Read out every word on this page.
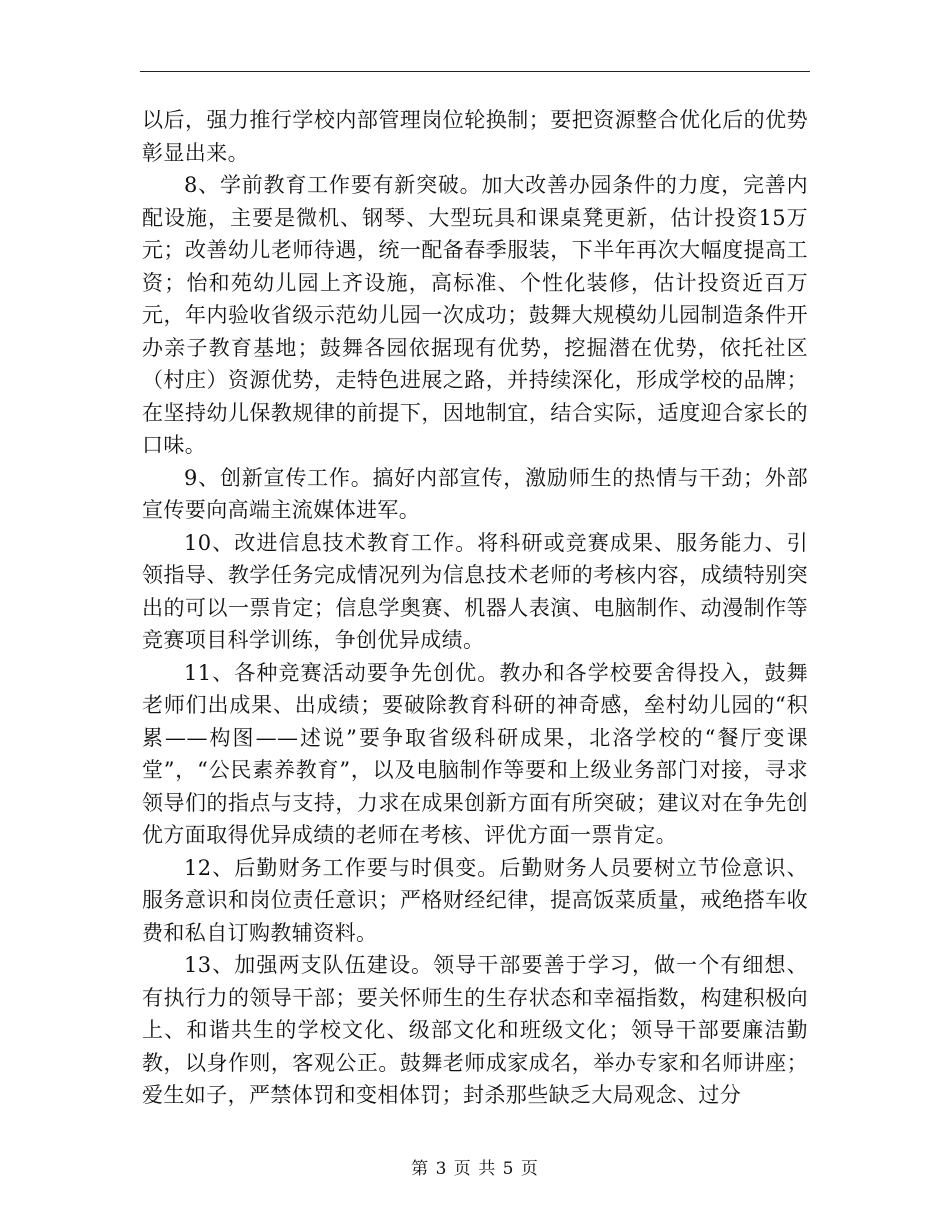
以后，强力推行学校内部管理岗位轮换制；要把资源整合优化后的优势彰显出来。

8、学前教育工作要有新突破。加大改善办园条件的力度，完善内配设施，主要是微机、钢琴、大型玩具和课桌凳更新，估计投资15万元；改善幼儿老师待遇，统一配备春季服装，下半年再次大幅度提高工资；怡和苑幼儿园上齐设施，高标准、个性化装修，估计投资近百万元，年内验收省级示范幼儿园一次成功；鼓舞大规模幼儿园制造条件开办亲子教育基地；鼓舞各园依据现有优势，挖掘潜在优势，依托社区（村庄）资源优势，走特色进展之路，并持续深化，形成学校的品牌；在坚持幼儿保教规律的前提下，因地制宜，结合实际，适度迎合家长的口味。

9、创新宣传工作。搞好内部宣传，激励师生的热情与干劲；外部宣传要向高端主流媒体进军。

10、改进信息技术教育工作。将科研或竞赛成果、服务能力、引领指导、教学任务完成情况列为信息技术老师的考核内容，成绩特别突出的可以一票肯定；信息学奥赛、机器人表演、电脑制作、动漫制作等竞赛项目科学训练，争创优异成绩。

11、各种竞赛活动要争先创优。教办和各学校要舍得投入，鼓舞老师们出成果、出成绩；要破除教育科研的神奇感，垒村幼儿园的“积累——构图——述说”要争取省级科研成果，北洛学校的“餐厅变课堂”，“公民素养教育”，以及电脑制作等要和上级业务部门对接，寻求领导们的指点与支持，力求在成果创新方面有所突破；建议对在争先创优方面取得优异成绩的老师在考核、评优方面一票肯定。

12、后勤财务工作要与时俱变。后勤财务人员要树立节俭意识、服务意识和岗位责任意识；严格财经纪律，提高饭菜质量，戒绝搭车收费和私自订购教辅资料。

13、加强两支队伍建设。领导干部要善于学习，做一个有细想、有执行力的领导干部；要关怀师生的生存状态和幸福指数，构建积极向上、和谐共生的学校文化、级部文化和班级文化；领导干部要廉洁勤教，以身作则，客观公正。鼓舞老师成家成名，举办专家和名师讲座；爱生如子，严禁体罚和变相体罚；封杀那些缺乏大局观念、过分

第 3 页 共 5 页
